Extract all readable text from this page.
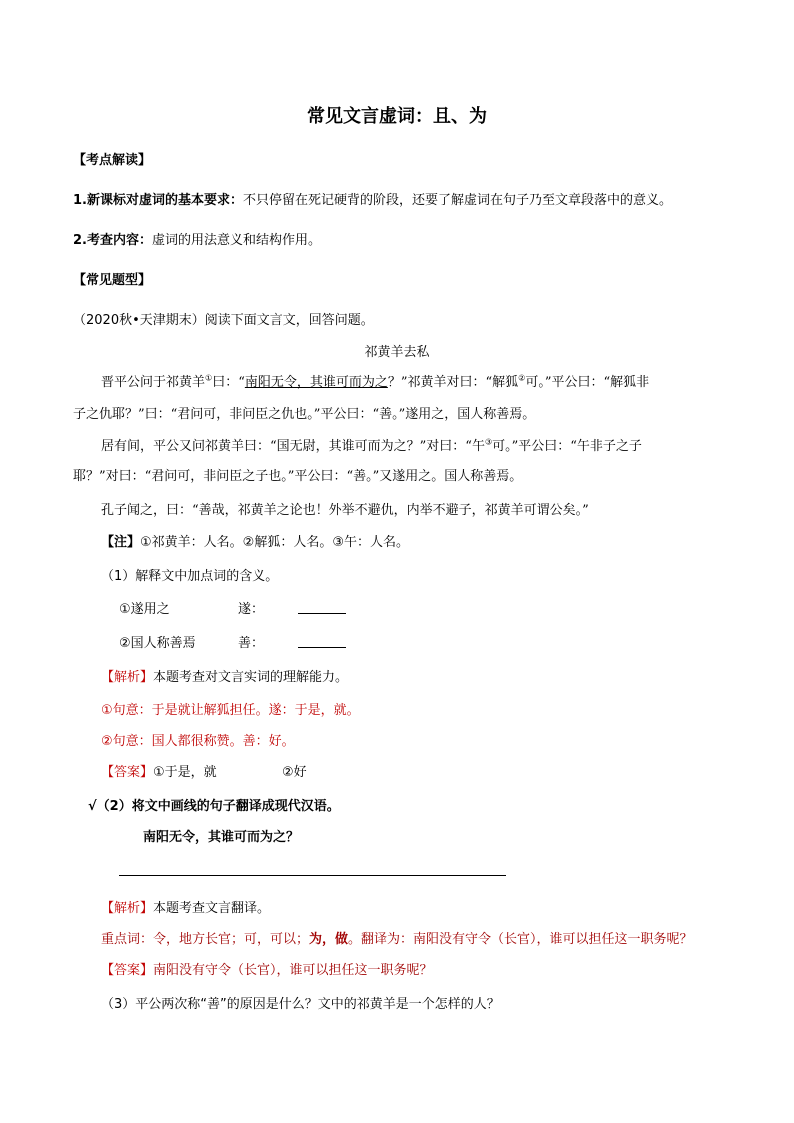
常见文言虚词：且、为
【考点解读】
1.新课标对虚词的基本要求：不只停留在死记硬背的阶段，还要了解虚词在句子乃至文章段落中的意义。
2.考查内容：虚词的用法意义和结构作用。
【常见题型】
（2020秋•天津期末）阅读下面文言文，回答问题。
祁黄羊去私
晋平公问于祁黄羊①曰：“南阳无令，其谁可而为之？”祁黄羊对曰：“解狐②可。”平公曰：“解狐非
子之仇耶？”曰：“君问可，非问臣之仇也。”平公曰：“善。”遂用之，国人称善焉。
居有间，平公又问祁黄羊曰：“国无尉，其谁可而为之？”对曰：“午③可。”平公曰：“午非子之子
耶？”对曰：“君问可，非问臣之子也。”平公曰：“善。”又遂用之。国人称善焉。
孔子闻之，曰：“善哉，祁黄羊之论也！外举不避仇，内举不避子，祁黄羊可谓公矣。”
【注】①祁黄羊：人名。②解狐：人名。③午：人名。
（1）解释文中加点词的含义。
①遂用之	遂：
②国人称善焉	善：
【解析】本题考查对文言实词的理解能力。
①句意：于是就让解狐担任。遂：于是，就。
②句意：国人都很称赞。善：好。
【答案】①于是，就	②好
√（2）将文中画线的句子翻译成现代汉语。
南阳无令，其谁可而为之？
【解析】本题考查文言翻译。
重点词：令，地方长官；可，可以；为，做。翻译为：南阳没有守令（长官），谁可以担任这一职务呢？
【答案】南阳没有守令（长官），谁可以担任这一职务呢？
（3）平公两次称“善”的原因是什么？文中的祁黄羊是一个怎样的人？
